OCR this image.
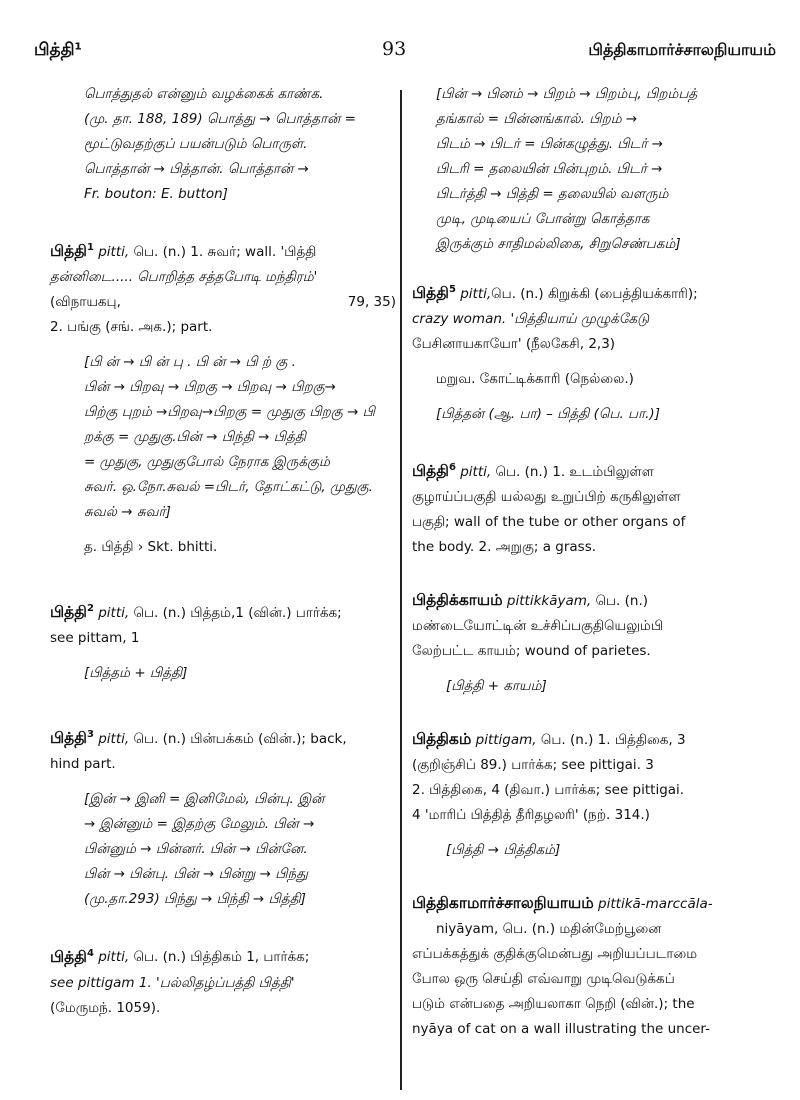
பித்தி¹	93	பித்திகாமார்ச்சாலநியாயம்
பொத்துதல் என்னும் வழக்கைக் காண்க.
(மு. தா. 188, 189) பொத்து → பொத்தான் =
மூட்டுவதற்குப் பயன்படும் பொருள்.
பொத்தான் → பித்தான். பொத்தான் →
Fr. bouton: E. button]
பித்தி$^1$ pitti, பெ. (n.) 1. சுவர்; wall. 'பித்தி
தன்னிடை..... பொறித்த சத்தபோடி மந்திரம்'
(விநாயகபு,	79, 35)
2. பங்கு (சங். அக.); part.
[பி ன் → பி ன் பு . பி ன் → பி ற் கு .
பின் → பிறவு → பிறகு → பிறவு → பிறகு→
பிற்கு புறம் →பிறவு→பிறகு = முதுகு பிறகு → பி
றக்கு = முதுகு.பின் → பிந்தி → பித்தி
= முதுகு, முதுகுபோல் நேராக இருக்கும்
சுவர். ஒ.நோ.சுவல் =பிடர், தோட்கட்டு, முதுகு.
சுவல் → சுவர்]
த. பித்தி › Skt. bhitti.
பித்தி$^2$ pitti, பெ. (n.) பித்தம்,1 (வின்.) பார்க்க;
see pittam, 1
[பித்தம் + பித்தி]
பித்தி$^3$ pitti, பெ. (n.) பின்பக்கம் (வின்.); back,
hind part.
[இன் → இனி = இனிமேல், பின்பு. இன்
→ இன்னும் = இதற்கு மேலும். பின் →
பின்னும் → பின்னர். பின் → பின்னே.
பின் → பின்பு. பின் → பின்று → பிந்து
(மு.தா.293) பிந்து → பிந்தி → பித்தி]
பித்தி$^4$ pitti, பெ. (n.) பித்திகம் 1, பார்க்க;
see pittigam 1. 'பல்லிதழ்ப்பத்தி பித்தி'
(மேருமந். 1059).
[பின் → பினம் → பிறம் → பிறம்பு, பிறம்பத்
தங்கால் = பின்னங்கால். பிறம் →
பிடம் → பிடர் = பின்கழுத்து. பிடர் →
பிடரி = தலையின் பின்புறம். பிடர் →
பிடர்த்தி → பித்தி = தலையில் வளரும்
முடி, முடியைப் போன்று கொத்தாக
இருக்கும் சாதிமல்லிகை, சிறுசெண்பகம்]
பித்தி$^5$ pitti,பெ. (n.) கிறுக்கி (பைத்தியக்காரி);
crazy woman. 'பித்தியாய் முழுக்கேடு
பேசினாயகாயோ' (நீலகேசி, 2,3)
மறுவ. கோட்டிக்காரி (நெல்லை.)
[பித்தன் (ஆ. பா) – பித்தி (பெ. பா.)]
பித்தி$^6$ pitti, பெ. (n.) 1. உடம்பிலுள்ள
குழாய்ப்பகுதி யல்லது உறுப்பிற் கருகிலுள்ள
பகுதி; wall of the tube or other organs of
the body. 2. அறுகு; a grass.
பித்திக்காயம் pittikkāyam, பெ. (n.)
மண்டையோட்டின் உச்சிப்பகுதியெலும்பி
லேற்பட்ட காயம்; wound of parietes.
[பித்தி + காயம்]
பித்திகம் pittigam, பெ. (n.) 1. பித்திகை, 3
(குறிஞ்சிப் 89.) பார்க்க; see pittigai. 3
2. பித்திகை, 4 (திவா.) பார்க்க; see pittigai.
4 'மாரிப் பித்தித் தீரிதழலரி' (நற். 314.)
[பித்தி → பித்திகம்]
பித்திகாமார்ச்சாலநியாயம் pittikā-marccāla-
niyāyam, பெ. (n.) மதின்மேற்பூனை
எப்பக்கத்துக் குதிக்குமென்பது அறியப்படாமை
போல ஒரு செய்தி எவ்வாறு முடிவெடுக்கப்
படும் என்பதை அறியலாகா நெறி (வின்.); the
nyāya of cat on a wall illustrating the uncer-
